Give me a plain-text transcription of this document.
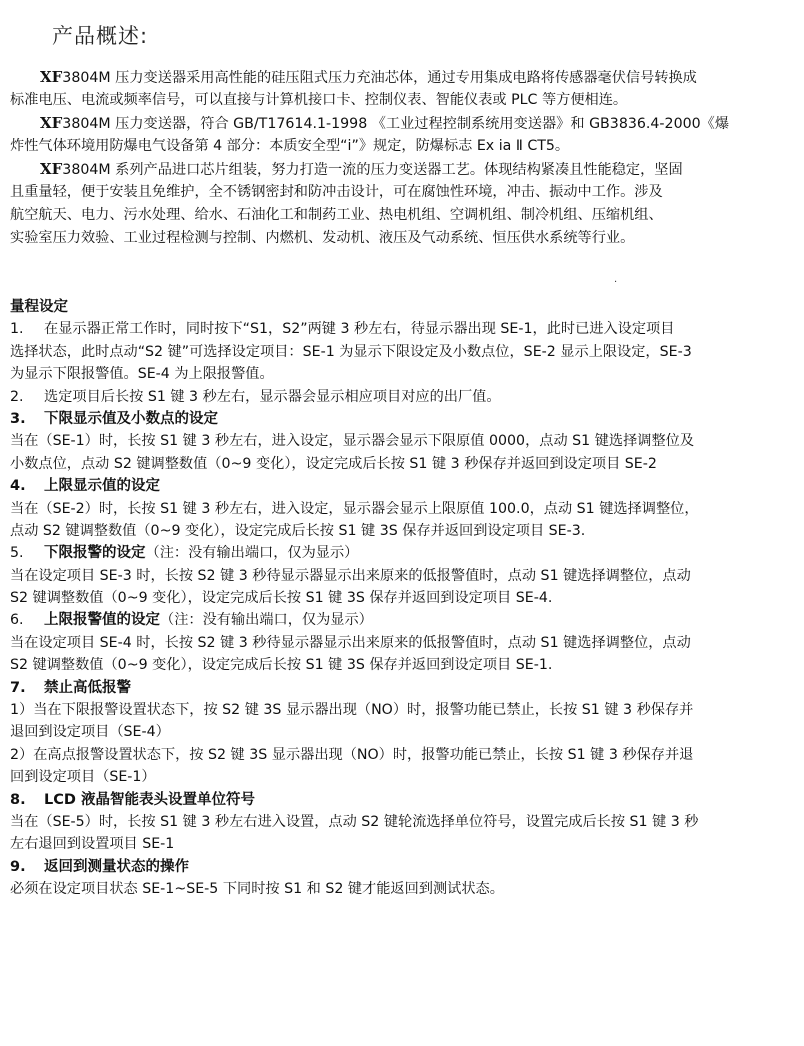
产品概述:
XF3804M 压力变送器采用高性能的硅压阻式压力充油芯体，通过专用集成电路将传感器毫伏信号转换成
标准电压、电流或频率信号，可以直接与计算机接口卡、控制仪表、智能仪表或 PLC 等方便相连。
XF3804M 压力变送器，符合 GB/T17614.1-1998 《工业过程控制系统用变送器》和 GB3836.4-2000《爆
炸性气体环境用防爆电气设备第 4 部分：本质安全型“i”》规定，防爆标志 Ex ia Ⅱ CT5。
XF3804M 系列产品进口芯片组装，努力打造一流的压力变送器工艺。体现结构紧凑且性能稳定，坚固
且重量轻，便于安装且免维护，全不锈钢密封和防冲击设计，可在腐蚀性环境，冲击、振动中工作。涉及
航空航天、电力、污水处理、给水、石油化工和制药工业、热电机组、空调机组、制冷机组、压缩机组、
实验室压力效验、工业过程检测与控制、内燃机、发动机、液压及气动系统、恒压供水系统等行业。
.
量程设定
1. 在显示器正常工作时，同时按下“S1，S2”两键 3 秒左右，待显示器出现 SE-1，此时已进入设定项目
选择状态，此时点动“S2 键”可选择设定项目：SE-1 为显示下限设定及小数点位，SE-2 显示上限设定，SE-3
为显示下限报警值。SE-4 为上限报警值。
2. 选定项目后长按 S1 键 3 秒左右，显示器会显示相应项目对应的出厂值。
3. 下限显示值及小数点的设定
当在（SE-1）时，长按 S1 键 3 秒左右，进入设定，显示器会显示下限原值 0000，点动 S1 键选择调整位及
小数点位，点动 S2 键调整数值（0~9 变化），设定完成后长按 S1 键 3 秒保存并返回到设定项目 SE-2
4. 上限显示值的设定
当在（SE-2）时，长按 S1 键 3 秒左右，进入设定，显示器会显示上限原值 100.0，点动 S1 键选择调整位，
点动 S2 键调整数值（0~9 变化），设定完成后长按 S1 键 3S 保存并返回到设定项目 SE-3.
5. 下限报警的设定（注：没有输出端口，仅为显示）
当在设定项目 SE-3 时，长按 S2 键 3 秒待显示器显示出来原来的低报警值时，点动 S1 键选择调整位，点动
S2 键调整数值（0~9 变化），设定完成后长按 S1 键 3S 保存并返回到设定项目 SE-4.
6. 上限报警值的设定（注：没有输出端口，仅为显示）
当在设定项目 SE-4 时，长按 S2 键 3 秒待显示器显示出来原来的低报警值时，点动 S1 键选择调整位，点动
S2 键调整数值（0~9 变化），设定完成后长按 S1 键 3S 保存并返回到设定项目 SE-1.
7. 禁止高低报警
1）当在下限报警设置状态下，按 S2 键 3S 显示器出现（NO）时，报警功能已禁止，长按 S1 键 3 秒保存并
退回到设定项目（SE-4）
2）在高点报警设置状态下，按 S2 键 3S 显示器出现（NO）时，报警功能已禁止，长按 S1 键 3 秒保存并退
回到设定项目（SE-1）
8. LCD 液晶智能表头设置单位符号
当在（SE-5）时，长按 S1 键 3 秒左右进入设置，点动 S2 键轮流选择单位符号，设置完成后长按 S1 键 3 秒
左右退回到设置项目 SE-1
9. 返回到测量状态的操作
必须在设定项目状态 SE-1~SE-5 下同时按 S1 和 S2 键才能返回到测试状态。
